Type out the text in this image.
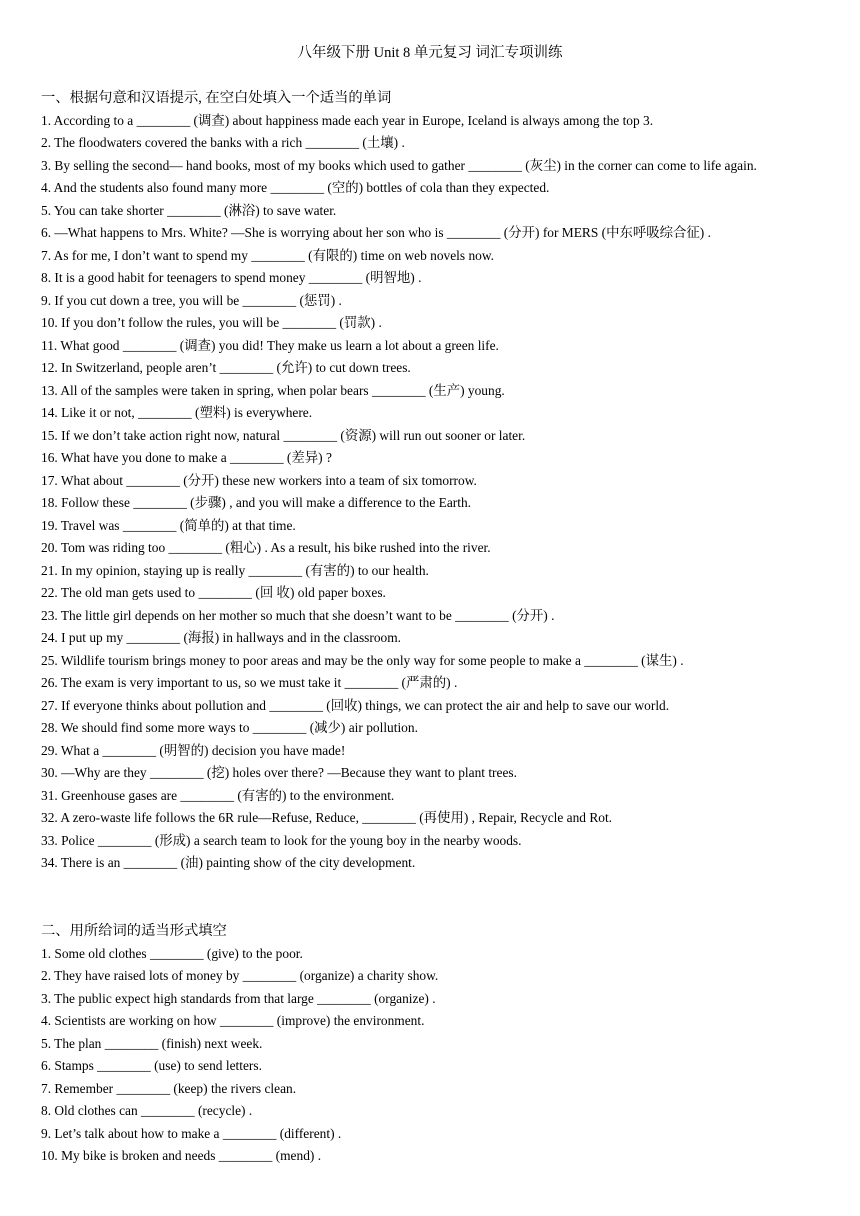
八年级下册 Unit 8 单元复习 词汇专项训练
一、根据句意和汉语提示, 在空白处填入一个适当的单词
1. According to a ________ (调查) about happiness made each year in Europe, Iceland is always among the top 3.
2. The floodwaters covered the banks with a rich ________ (土壤) .
3. By selling the second— hand books, most of my books which used to gather ________ (灰尘) in the corner can come to life again.
4. And the students also found many more ________ (空的) bottles of cola than they expected.
5. You can take shorter ________ (淋浴) to save water.
6. —What happens to Mrs. White? —She is worrying about her son who is ________ (分开) for MERS (中东呼吸综合征) .
7. As for me, I don’t want to spend my ________ (有限的) time on web novels now.
8. It is a good habit for teenagers to spend money ________ (明智地) .
9. If you cut down a tree, you will be ________ (惩罚) .
10. If you don’t follow the rules, you will be ________ (罚款) .
11. What good ________ (调查) you did! They make us learn a lot about a green life.
12. In Switzerland, people aren’t ________ (允许) to cut down trees.
13. All of the samples were taken in spring, when polar bears ________ (生产) young.
14. Like it or not, ________ (塑料) is everywhere.
15. If we don’t take action right now, natural ________ (资源) will run out sooner or later.
16. What have you done to make a ________ (差异) ?
17. What about ________ (分开) these new workers into a team of six tomorrow.
18. Follow these ________ (步骤) , and you will make a difference to the Earth.
19. Travel was ________ (简单的) at that time.
20. Tom was riding too ________ (粗心) . As a result, his bike rushed into the river.
21. In my opinion, staying up is really ________ (有害的) to our health.
22. The old man gets used to ________ (回 收) old paper boxes.
23. The little girl depends on her mother so much that she doesn’t want to be ________ (分开) .
24. I put up my ________ (海报) in hallways and in the classroom.
25. Wildlife tourism brings money to poor areas and may be the only way for some people to make a ________ (谋生) .
26. The exam is very important to us, so we must take it ________ (严肃的) .
27. If everyone thinks about pollution and ________ (回收) things, we can protect the air and help to save our world.
28. We should find some more ways to ________ (减少) air pollution.
29. What a ________ (明智的) decision you have made!
30. —Why are they ________ (挖) holes over there? —Because they want to plant trees.
31. Greenhouse gases are ________ (有害的) to the environment.
32. A zero-waste life follows the 6R rule—Refuse, Reduce, ________ (再使用) , Repair, Recycle and Rot.
33. Police ________ (形成) a search team to look for the young boy in the nearby woods.
34. There is an ________ (油) painting show of the city development.
二、用所给词的适当形式填空
1. Some old clothes ________ (give) to the poor.
2. They have raised lots of money by ________ (organize) a charity show.
3. The public expect high standards from that large ________ (organize) .
4. Scientists are working on how ________ (improve) the environment.
5. The plan ________ (finish) next week.
6. Stamps ________ (use) to send letters.
7. Remember ________ (keep) the rivers clean.
8. Old clothes can ________ (recycle) .
9. Let’s talk about how to make a ________ (different) .
10. My bike is broken and needs ________ (mend) .
